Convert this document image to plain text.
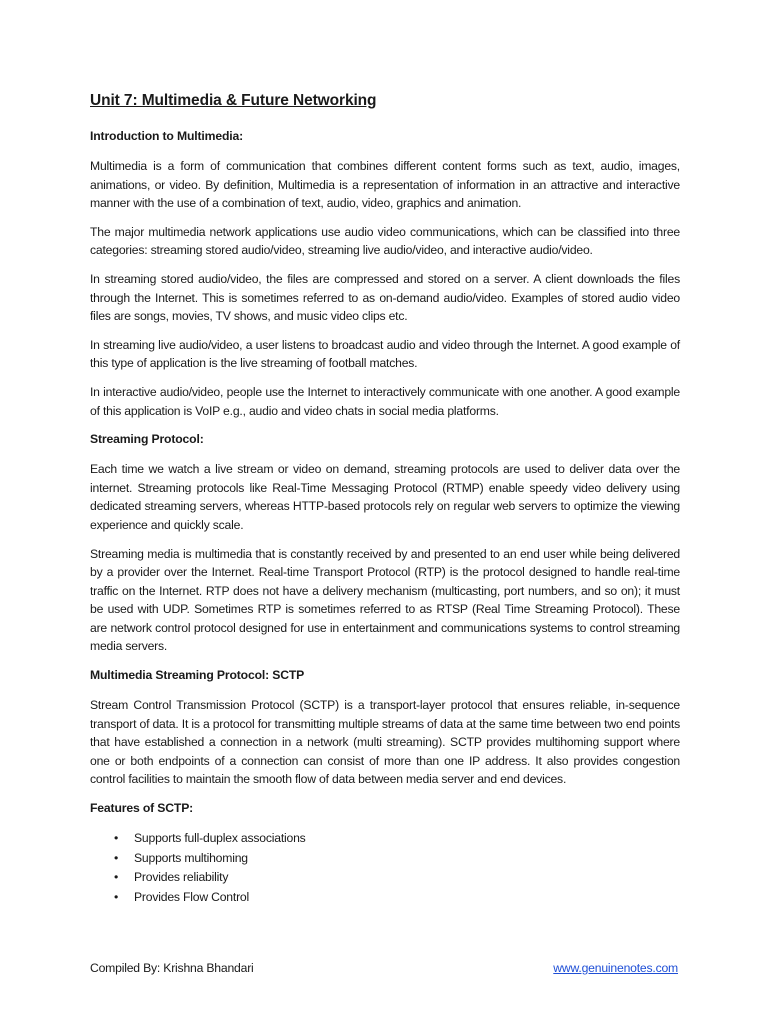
Unit 7: Multimedia & Future Networking
Introduction to Multimedia:

Multimedia is a form of communication that combines different content forms such as text, audio, images, animations, or video. By definition, Multimedia is a representation of information in an attractive and interactive manner with the use of a combination of text, audio, video, graphics and animation.

The major multimedia network applications use audio video communications, which can be classified into three categories: streaming stored audio/video, streaming live audio/video, and interactive audio/video.

In streaming stored audio/video, the files are compressed and stored on a server. A client downloads the files through the Internet. This is sometimes referred to as on-demand audio/video. Examples of stored audio video files are songs, movies, TV shows, and music video clips etc.

In streaming live audio/video, a user listens to broadcast audio and video through the Internet. A good example of this type of application is the live streaming of football matches.

In interactive audio/video, people use the Internet to interactively communicate with one another. A good example of this application is VoIP e.g., audio and video chats in social media platforms.

Streaming Protocol:

Each time we watch a live stream or video on demand, streaming protocols are used to deliver data over the internet. Streaming protocols like Real-Time Messaging Protocol (RTMP) enable speedy video delivery using dedicated streaming servers, whereas HTTP-based protocols rely on regular web servers to optimize the viewing experience and quickly scale.

Streaming media is multimedia that is constantly received by and presented to an end user while being delivered by a provider over the Internet. Real-time Transport Protocol (RTP) is the protocol designed to handle real-time traffic on the Internet. RTP does not have a delivery mechanism (multicasting, port numbers, and so on); it must be used with UDP. Sometimes RTP is sometimes referred to as RTSP (Real Time Streaming Protocol). These are network control protocol designed for use in entertainment and communications systems to control streaming media servers.

Multimedia Streaming Protocol: SCTP

Stream Control Transmission Protocol (SCTP) is a transport-layer protocol that ensures reliable, in-sequence transport of data. It is a protocol for transmitting multiple streams of data at the same time between two end points that have established a connection in a network (multi streaming). SCTP provides multihoming support where one or both endpoints of a connection can consist of more than one IP address. It also provides congestion control facilities to maintain the smooth flow of data between media server and end devices.

Features of SCTP:
• Supports full-duplex associations
• Supports multihoming
• Provides reliability
• Provides Flow Control
Compiled By: Krishna Bhandari	www.genuinenotes.com
